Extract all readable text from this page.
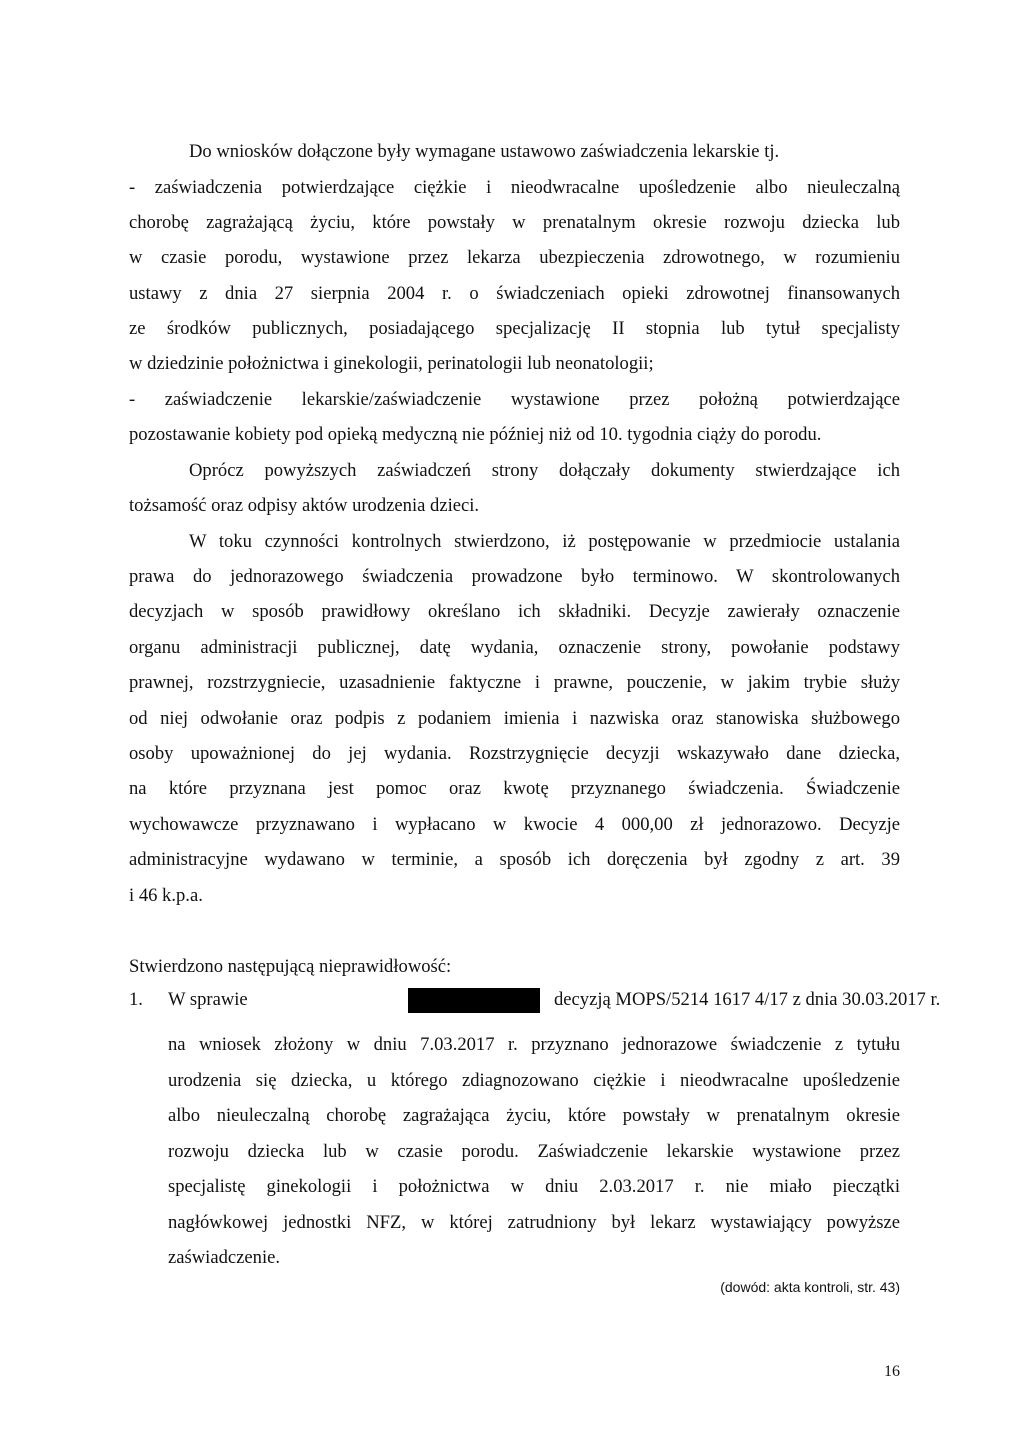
Do wniosków dołączone były wymagane ustawowo zaświadczenia lekarskie tj.
- zaświadczenia potwierdzające ciężkie i nieodwracalne upośledzenie albo nieuleczalną
chorobę zagrażającą życiu, które powstały w prenatalnym okresie rozwoju dziecka lub
w czasie porodu, wystawione przez lekarza ubezpieczenia zdrowotnego, w rozumieniu
ustawy z dnia 27 sierpnia 2004 r. o świadczeniach opieki zdrowotnej finansowanych
ze środków publicznych, posiadającego specjalizację II stopnia lub tytuł specjalisty
w dziedzinie położnictwa i ginekologii, perinatologii lub neonatologii;
- zaświadczenie lekarskie/zaświadczenie wystawione przez położną potwierdzające
pozostawanie kobiety pod opieką medyczną nie później niż od 10. tygodnia ciąży do porodu.
Oprócz powyższych zaświadczeń strony dołączały dokumenty stwierdzające ich
tożsamość oraz odpisy aktów urodzenia dzieci.
W toku czynności kontrolnych stwierdzono, iż postępowanie w przedmiocie ustalania
prawa do jednorazowego świadczenia prowadzone było terminowo. W skontrolowanych
decyzjach w sposób prawidłowy określano ich składniki. Decyzje zawierały oznaczenie
organu administracji publicznej, datę wydania, oznaczenie strony, powołanie podstawy
prawnej, rozstrzygniecie, uzasadnienie faktyczne i prawne, pouczenie, w jakim trybie służy
od niej odwołanie oraz podpis z podaniem imienia i nazwiska oraz stanowiska służbowego
osoby upoważnionej do jej wydania. Rozstrzygnięcie decyzji wskazywało dane dziecka,
na które przyznana jest pomoc oraz kwotę przyznanego świadczenia. Świadczenie
wychowawcze przyznawano i wypłacano w kwocie 4 000,00 zł jednorazowo. Decyzje
administracyjne wydawano w terminie, a sposób ich doręczenia był zgodny z art. 39
i 46 k.p.a.
Stwierdzono następującą nieprawidłowość:
1. W sprawie	decyzją MOPS/5214 1617 4/17 z dnia 30.03.2017 r.
na wniosek złożony w dniu 7.03.2017 r. przyznano jednorazowe świadczenie z tytułu
urodzenia się dziecka, u którego zdiagnozowano ciężkie i nieodwracalne upośledzenie
albo nieuleczalną chorobę zagrażająca życiu, które powstały w prenatalnym okresie
rozwoju dziecka lub w czasie porodu. Zaświadczenie lekarskie wystawione przez
specjalistę ginekologii i położnictwa w dniu 2.03.2017 r. nie miało pieczątki
nagłówkowej jednostki NFZ, w której zatrudniony był lekarz wystawiający powyższe
zaświadczenie.
(dowód: akta kontroli, str. 43)
16
